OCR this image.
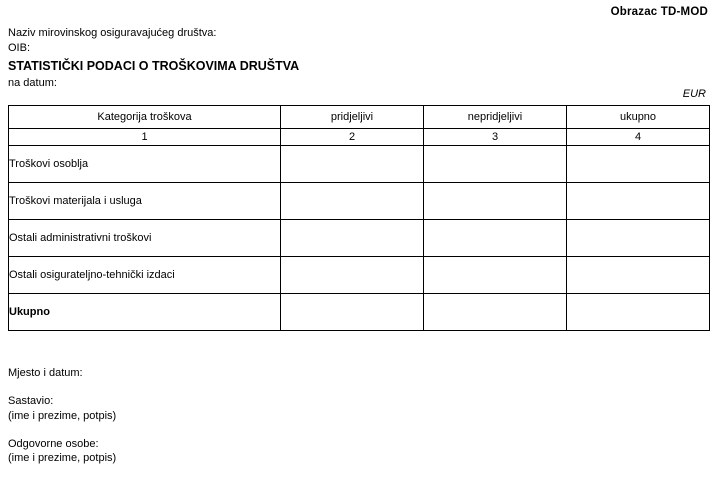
Obrazac TD-MOD
Naziv mirovinskog osiguravajućeg društva:
OIB:
STATISTIČKI PODACI O TROŠKOVIMA DRUŠTVA
na datum:
EUR
Kategorija troškova	pridjeljivi	nepridjeljivi	ukupno
1	2	3	4
Troškovi osoblja			
Troškovi materijala i usluga			
Ostali administrativni troškovi			
Ostali osigurateljno-tehnički izdaci			
Ukupno			
Mjesto i datum:
Sastavio:
(ime i prezime, potpis)
Odgovorne osobe:
(ime i prezime, potpis)
